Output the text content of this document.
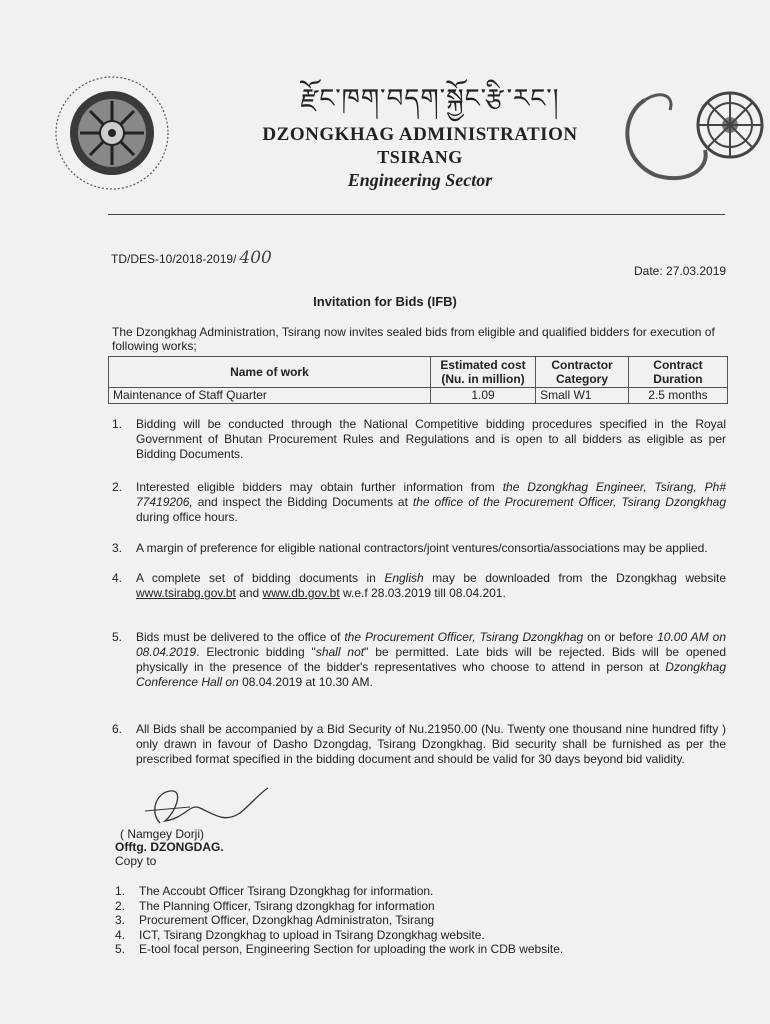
རྫོང་ཁག་བདག་སྐྱོང་རྩི་རང་།
DZONGKHAG ADMINISTRATION
TSIRANG
Engineering Sector
TD/DES-10/2018-2019/ 400
Date: 27.03.2019
Invitation for Bids (IFB)
The Dzongkhag Administration, Tsirang now invites sealed bids from eligible and qualified bidders for execution of following works;
Name of work	Estimated cost (Nu. in million)	Contractor Category	Contract Duration
Maintenance of Staff Quarter	1.09	Small W1	2.5 months
1.	Bidding will be conducted through the National Competitive bidding procedures specified in the Royal Government of Bhutan Procurement Rules and Regulations and is open to all bidders as eligible as per Bidding Documents.
2.	Interested eligible bidders may obtain further information from the Dzongkhag Engineer, Tsirang, Ph# 77419206, and inspect the Bidding Documents at the office of the Procurement Officer, Tsirang Dzongkhag during office hours.
3.	A margin of preference for eligible national contractors/joint ventures/consortia/associations may be applied.
4.	A complete set of bidding documents in English may be downloaded from the Dzongkhag website www.tsirabg.gov.bt and www.db.gov.bt w.e.f 28.03.2019 till 08.04.201.
5.	Bids must be delivered to the office of the Procurement Officer, Tsirang Dzongkhag on or before 10.00 AM on 08.04.2019. Electronic bidding "shall not" be permitted. Late bids will be rejected. Bids will be opened physically in the presence of the bidder's representatives who choose to attend in person at Dzongkhag Conference Hall on 08.04.2019 at 10.30 AM.
6.	All Bids shall be accompanied by a Bid Security of Nu.21950.00 (Nu. Twenty one thousand nine hundred fifty ) only drawn in favour of Dasho Dzongdag, Tsirang Dzongkhag. Bid security shall be furnished as per the prescribed format specified in the bidding document and should be valid for 30 days beyond bid validity.
( Namgey Dorji)
Offtg. DZONGDAG.
Copy to
1. The Accoubt Officer Tsirang Dzongkhag for information.
2. The Planning Officer, Tsirang dzongkhag for information
3. Procurement Officer, Dzongkhag Administraton, Tsirang
4. ICT, Tsirang Dzongkhag to upload in Tsirang Dzongkhag website.
5. E-tool focal person, Engineering Section for uploading the work in CDB website.
